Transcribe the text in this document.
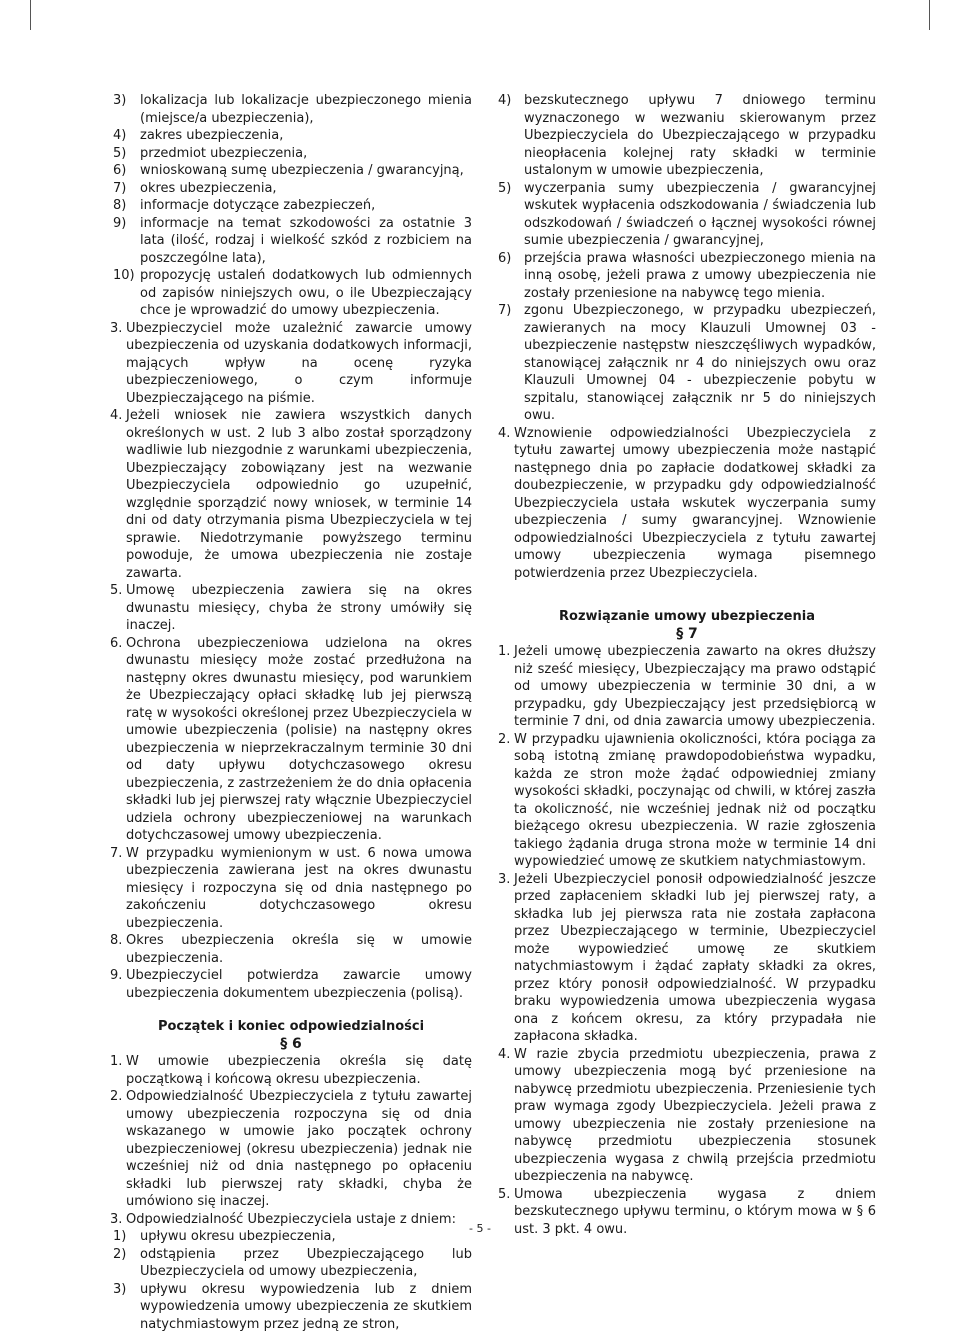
3) lokalizacja lub lokalizacje ubezpieczonego mienia (miejsce/a ubezpieczenia),
4) zakres ubezpieczenia,
5) przedmiot ubezpieczenia,
6) wnioskowaną sumę ubezpieczenia / gwarancyjną,
7) okres ubezpieczenia,
8) informacje dotyczące zabezpieczeń,
9) informacje na temat szkodowości za ostatnie 3 lata (ilość, rodzaj i wielkość szkód z rozbiciem na poszczególne lata),
10) propozycję ustaleń dodatkowych lub odmiennych od zapisów niniejszych owu, o ile Ubezpieczający chce je wprowadzić do umowy ubezpieczenia.
3. Ubezpieczyciel może uzależnić zawarcie umowy ubezpieczenia od uzyskania dodatkowych informacji, mających wpływ na ocenę ryzyka ubezpieczeniowego, o czym informuje Ubezpieczającego na piśmie.
4. Jeżeli wniosek nie zawiera wszystkich danych określonych w ust. 2 lub 3 albo został sporządzony wadliwie lub niezgodnie z warunkami ubezpieczenia, Ubezpieczający zobowiązany jest na wezwanie Ubezpieczyciela odpowiednio go uzupełnić, względnie sporządzić nowy wniosek, w terminie 14 dni od daty otrzymania pisma Ubezpieczyciela w tej sprawie. Niedotrzymanie powyższego terminu powoduje, że umowa ubezpieczenia nie zostaje zawarta.
5. Umowę ubezpieczenia zawiera się na okres dwunastu miesięcy, chyba że strony umówiły się inaczej.
6. Ochrona ubezpieczeniowa udzielona na okres dwunastu miesięcy może zostać przedłużona na następny okres dwunastu miesięcy, pod warunkiem że Ubezpieczający opłaci składkę lub jej pierwszą ratę w wysokości określonej przez Ubezpieczyciela w umowie ubezpieczenia (polisie) na następny okres ubezpieczenia w nieprzekraczalnym terminie 30 dni od daty upływu dotychczasowego okresu ubezpieczenia, z zastrzeżeniem że do dnia opłacenia składki lub jej pierwszej raty włącznie Ubezpieczyciel udziela ochrony ubezpieczeniowej na warunkach dotychczasowej umowy ubezpieczenia.
7. W przypadku wymienionym w ust. 6 nowa umowa ubezpieczenia zawierana jest na okres dwunastu miesięcy i rozpoczyna się od dnia następnego po zakończeniu dotychczasowego okresu ubezpieczenia.
8. Okres ubezpieczenia określa się w umowie ubezpieczenia.
9. Ubezpieczyciel potwierdza zawarcie umowy ubezpieczenia dokumentem ubezpieczenia (polisą).
Początek i koniec odpowiedzialności
§ 6
1. W umowie ubezpieczenia określa się datę początkową i końcową okresu ubezpieczenia.
2. Odpowiedzialność Ubezpieczyciela z tytułu zawartej umowy ubezpieczenia rozpoczyna się od dnia wskazanego w umowie jako początek ochrony ubezpieczeniowej (okresu ubezpieczenia) jednak nie wcześniej niż od dnia następnego po opłaceniu składki lub pierwszej raty składki, chyba że umówiono się inaczej.
3. Odpowiedzialność Ubezpieczyciela ustaje z dniem:
1) upływu okresu ubezpieczenia,
2) odstąpienia przez Ubezpieczającego lub Ubezpieczyciela od umowy ubezpieczenia,
3) upływu okresu wypowiedzenia lub z dniem wypowiedzenia umowy ubezpieczenia ze skutkiem natychmiastowym przez jedną ze stron,
4) bezskutecznego upływu 7 dniowego terminu wyznaczonego w wezwaniu skierowanym przez Ubezpieczyciela do Ubezpieczającego w przypadku nieopłacenia kolejnej raty składki w terminie ustalonym w umowie ubezpieczenia,
5) wyczerpania sumy ubezpieczenia / gwarancyjnej wskutek wypłacenia odszkodowania / świadczenia lub odszkodowań / świadczeń o łącznej wysokości równej sumie ubezpieczenia / gwarancyjnej,
6) przejścia prawa własności ubezpieczonego mienia na inną osobę, jeżeli prawa z umowy ubezpieczenia nie zostały przeniesione na nabywcę tego mienia.
7) zgonu Ubezpieczonego, w przypadku ubezpieczeń, zawieranych na mocy Klauzuli Umownej 03 - ubezpieczenie następstw nieszczęśliwych wypadków, stanowiącej załącznik nr 4 do niniejszych owu oraz Klauzuli Umownej 04 - ubezpieczenie pobytu w szpitalu, stanowiącej załącznik nr 5 do niniejszych owu.
4. Wznowienie odpowiedzialności Ubezpieczyciela z tytułu zawartej umowy ubezpieczenia może nastąpić następnego dnia po zapłacie dodatkowej składki za doubezpieczenie, w przypadku gdy odpowiedzialność Ubezpieczyciela ustała wskutek wyczerpania sumy ubezpieczenia / sumy gwarancyjnej. Wznowienie odpowiedzialności Ubezpieczyciela z tytułu zawartej umowy ubezpieczenia wymaga pisemnego potwierdzenia przez Ubezpieczyciela.
Rozwiązanie umowy ubezpieczenia
§ 7
1. Jeżeli umowę ubezpieczenia zawarto na okres dłuższy niż sześć miesięcy, Ubezpieczający ma prawo odstąpić od umowy ubezpieczenia w terminie 30 dni, a w przypadku, gdy Ubezpieczający jest przedsiębiorcą w terminie 7 dni, od dnia zawarcia umowy ubezpieczenia.
2. W przypadku ujawnienia okoliczności, która pociąga za sobą istotną zmianę prawdopodobieństwa wypadku, każda ze stron może żądać odpowiedniej zmiany wysokości składki, poczynając od chwili, w której zaszła ta okoliczność, nie wcześniej jednak niż od początku bieżącego okresu ubezpieczenia. W razie zgłoszenia takiego żądania druga strona może w terminie 14 dni wypowiedzieć umowę ze skutkiem natychmiastowym.
3. Jeżeli Ubezpieczyciel ponosił odpowiedzialność jeszcze przed zapłaceniem składki lub jej pierwszej raty, a składka lub jej pierwsza rata nie została zapłacona przez Ubezpieczającego w terminie, Ubezpieczyciel może wypowiedzieć umowę ze skutkiem natychmiastowym i żądać zapłaty składki za okres, przez który ponosił odpowiedzialność. W przypadku braku wypowiedzenia umowa ubezpieczenia wygasa ona z końcem okresu, za który przypadała nie zapłacona składka.
4. W razie zbycia przedmiotu ubezpieczenia, prawa z umowy ubezpieczenia mogą być przeniesione na nabywcę przedmiotu ubezpieczenia. Przeniesienie tych praw wymaga zgody Ubezpieczyciela. Jeżeli prawa z umowy ubezpieczenia nie zostały przeniesione na nabywcę przedmiotu ubezpieczenia stosunek ubezpieczenia wygasa z chwilą przejścia przedmiotu ubezpieczenia na nabywcę.
5. Umowa ubezpieczenia wygasa z dniem bezskutecznego upływu terminu, o którym mowa w § 6 ust. 3 pkt. 4 owu.
- 5 -
